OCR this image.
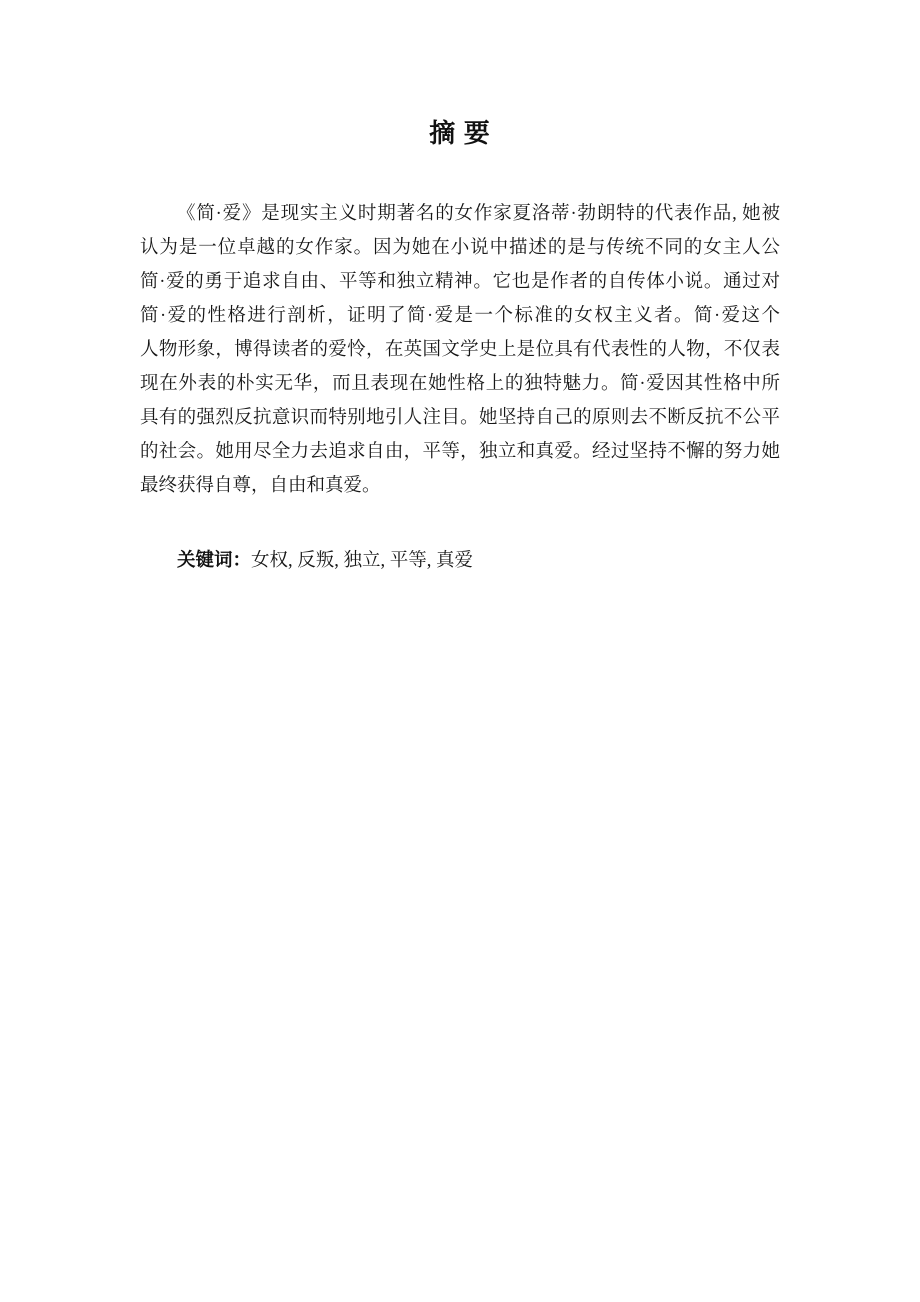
摘 要
《简·爱》是现实主义时期著名的女作家夏洛蒂·勃朗特的代表作品, 她被
认为是一位卓越的女作家。因为她在小说中描述的是与传统不同的女主人公
简·爱的勇于追求自由、平等和独立精神。它也是作者的自传体小说。通过对
简·爱的性格进行剖析，证明了简·爱是一个标准的女权主义者。简·爱这个
人物形象，博得读者的爱怜，在英国文学史上是位具有代表性的人物，不仅表
现在外表的朴实无华，而且表现在她性格上的独特魅力。简·爱因其性格中所
具有的强烈反抗意识而特别地引人注目。她坚持自己的原则去不断反抗不公平
的社会。她用尽全力去追求自由，平等，独立和真爱。经过坚持不懈的努力她
最终获得自尊，自由和真爱。
关键词：女权, 反叛, 独立, 平等, 真爱
